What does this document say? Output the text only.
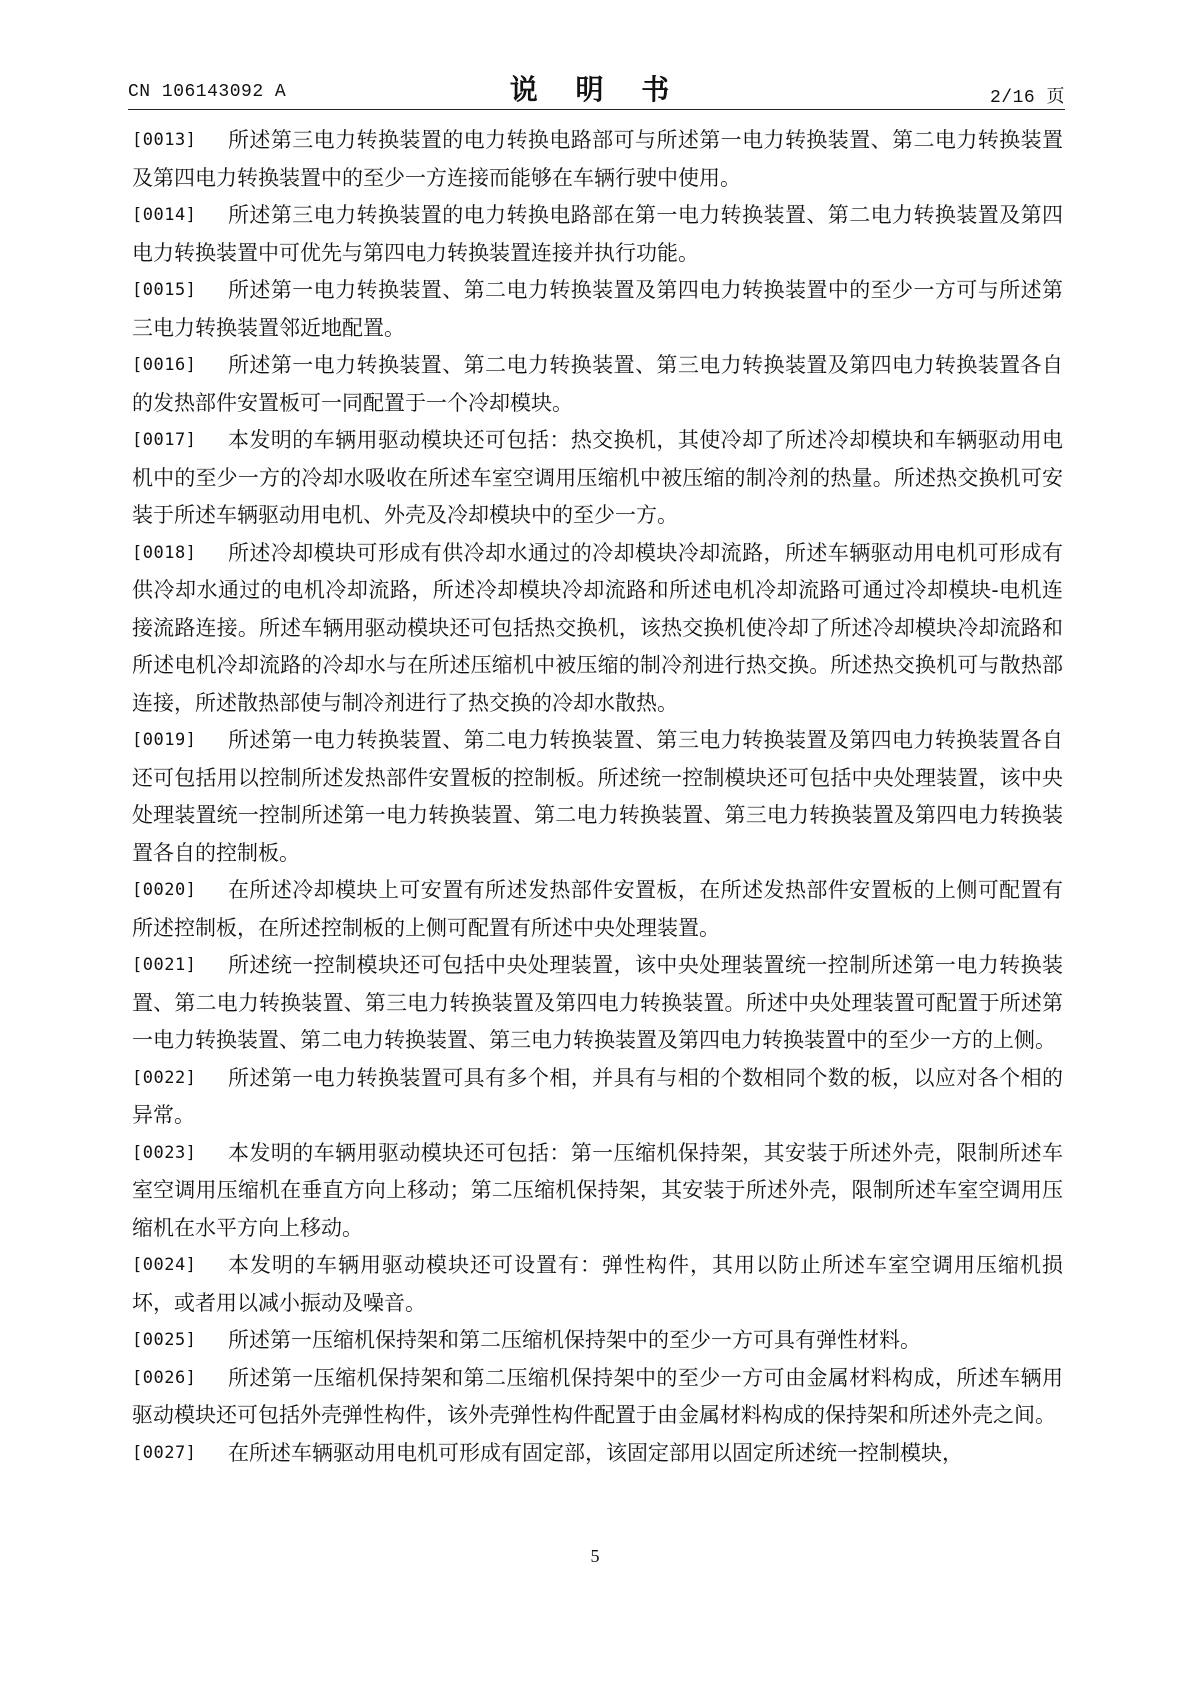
CN 106143092 A	说 明 书	2/16 页
[0013] 所述第三电力转换装置的电力转换电路部可与所述第一电力转换装置、第二电力转换装置及第四电力转换装置中的至少一方连接而能够在车辆行驶中使用。
[0014] 所述第三电力转换装置的电力转换电路部在第一电力转换装置、第二电力转换装置及第四电力转换装置中可优先与第四电力转换装置连接并执行功能。
[0015] 所述第一电力转换装置、第二电力转换装置及第四电力转换装置中的至少一方可与所述第三电力转换装置邻近地配置。
[0016] 所述第一电力转换装置、第二电力转换装置、第三电力转换装置及第四电力转换装置各自的发热部件安置板可一同配置于一个冷却模块。
[0017] 本发明的车辆用驱动模块还可包括：热交换机，其使冷却了所述冷却模块和车辆驱动用电机中的至少一方的冷却水吸收在所述车室空调用压缩机中被压缩的制冷剂的热量。所述热交换机可安装于所述车辆驱动用电机、外壳及冷却模块中的至少一方。
[0018] 所述冷却模块可形成有供冷却水通过的冷却模块冷却流路，所述车辆驱动用电机可形成有供冷却水通过的电机冷却流路，所述冷却模块冷却流路和所述电机冷却流路可通过冷却模块-电机连接流路连接。所述车辆用驱动模块还可包括热交换机，该热交换机使冷却了所述冷却模块冷却流路和所述电机冷却流路的冷却水与在所述压缩机中被压缩的制冷剂进行热交换。所述热交换机可与散热部连接，所述散热部使与制冷剂进行了热交换的冷却水散热。
[0019] 所述第一电力转换装置、第二电力转换装置、第三电力转换装置及第四电力转换装置各自还可包括用以控制所述发热部件安置板的控制板。所述统一控制模块还可包括中央处理装置，该中央处理装置统一控制所述第一电力转换装置、第二电力转换装置、第三电力转换装置及第四电力转换装置各自的控制板。
[0020] 在所述冷却模块上可安置有所述发热部件安置板，在所述发热部件安置板的上侧可配置有所述控制板，在所述控制板的上侧可配置有所述中央处理装置。
[0021] 所述统一控制模块还可包括中央处理装置，该中央处理装置统一控制所述第一电力转换装置、第二电力转换装置、第三电力转换装置及第四电力转换装置。所述中央处理装置可配置于所述第一电力转换装置、第二电力转换装置、第三电力转换装置及第四电力转换装置中的至少一方的上侧。
[0022] 所述第一电力转换装置可具有多个相，并具有与相的个数相同个数的板，以应对各个相的异常。
[0023] 本发明的车辆用驱动模块还可包括：第一压缩机保持架，其安装于所述外壳，限制所述车室空调用压缩机在垂直方向上移动；第二压缩机保持架，其安装于所述外壳，限制所述车室空调用压缩机在水平方向上移动。
[0024] 本发明的车辆用驱动模块还可设置有：弹性构件，其用以防止所述车室空调用压缩机损坏，或者用以减小振动及噪音。
[0025] 所述第一压缩机保持架和第二压缩机保持架中的至少一方可具有弹性材料。
[0026] 所述第一压缩机保持架和第二压缩机保持架中的至少一方可由金属材料构成，所述车辆用驱动模块还可包括外壳弹性构件，该外壳弹性构件配置于由金属材料构成的保持架和所述外壳之间。
[0027] 在所述车辆驱动用电机可形成有固定部，该固定部用以固定所述统一控制模块，
5
